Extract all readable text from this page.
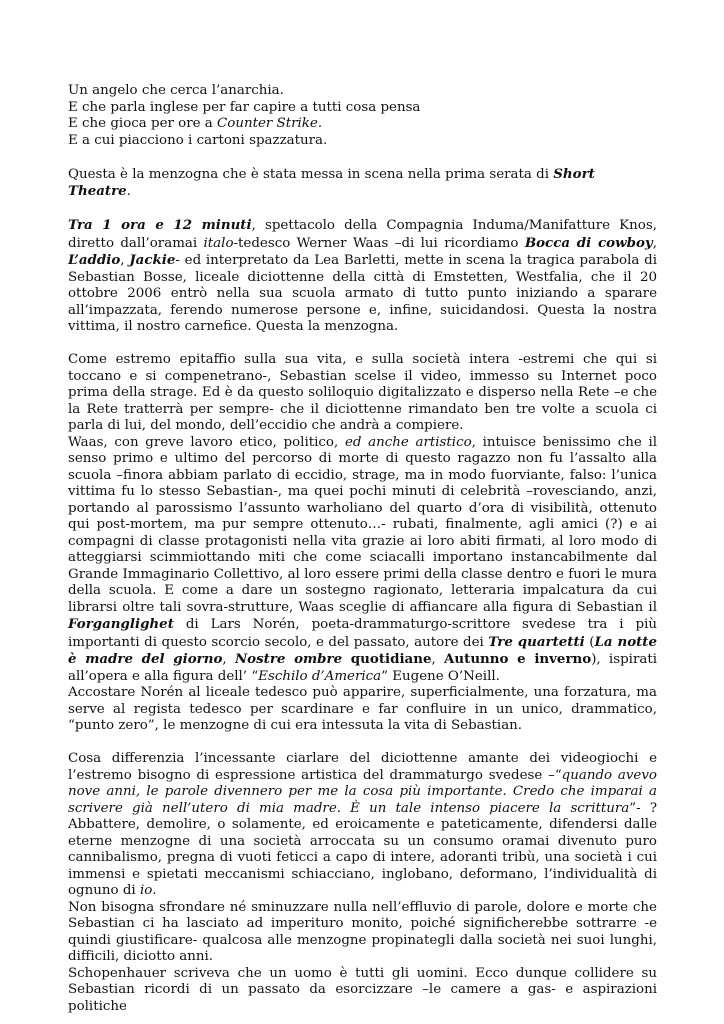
Un angelo che cerca l’anarchia.
E che parla inglese per far capire a tutti cosa pensa
E che gioca per ore a Counter Strike.
E a cui piacciono i cartoni spazzatura.

Questa è la menzogna che è stata messa in scena nella prima serata di Short Theatre.

Tra 1 ora e 12 minuti, spettacolo della Compagnia Induma/Manifatture Knos, diretto dall’oramai italo-tedesco Werner Waas –di lui ricordiamo Bocca di cowboy, L’addio, Jackie- ed interpretato da Lea Barletti, mette in scena la tragica parabola di Sebastian Bosse, liceale diciottenne della città di Emstetten, Westfalia, che il 20 ottobre 2006 entrò nella sua scuola armato di tutto punto iniziando a sparare all’impazzata, ferendo numerose persone e, infine, suicidandosi. Questa la nostra vittima, il nostro carnefice. Questa la menzogna.

Come estremo epitaffio sulla sua vita, e sulla società intera -estremi che qui si toccano e si compenetrano-, Sebastian scelse il video, immesso su Internet poco prima della strage. Ed è da questo soliloquio digitalizzato e disperso nella Rete –e che la Rete tratterrà per sempre- che il diciottenne rimandato ben tre volte a scuola ci parla di lui, del mondo, dell’eccidio che andrà a compiere.

Waas, con greve lavoro etico, politico, ed anche artistico, intuisce benissimo che il senso primo e ultimo del percorso di morte di questo ragazzo non fu l’assalto alla scuola –finora abbiam parlato di eccidio, strage, ma in modo fuorviante, falso: l’unica vittima fu lo stesso Sebastian-, ma quei pochi minuti di celebrità –rovesciando, anzi, portando al parossismo l’assunto warholiano del quarto d’ora di visibilità, ottenuto qui post-mortem, ma pur sempre ottenuto…- rubati, finalmente, agli amici (?) e ai compagni di classe protagonisti nella vita grazie ai loro abiti firmati, al loro modo di atteggiarsi scimmiottando miti che come sciacalli importano instancabilmente dal Grande Immaginario Collettivo, al loro essere primi della classe dentro e fuori le mura della scuola. E come a dare un sostegno ragionato, letteraria impalcatura da cui librarsi oltre tali sovra-strutture, Waas sceglie di affiancare alla figura di Sebastian il Forganglighet di Lars Norén, poeta-drammaturgo-scrittore svedese tra i più importanti di questo scorcio secolo, e del passato, autore dei Tre quartetti (La notte è madre del giorno, Nostre ombre quotidiane, Autunno e inverno), ispirati all’opera e alla figura dell’ “Eschilo d’America” Eugene O’Neill.

Accostare Norén al liceale tedesco può apparire, superficialmente, una forzatura, ma serve al regista tedesco per scardinare e far confluire in un unico, drammatico, “punto zero”, le menzogne di cui era intessuta la vita di Sebastian.

Cosa differenzia l’incessante ciarlare del diciottenne amante dei videogiochi e l’estremo bisogno di espressione artistica del drammaturgo svedese –“quando avevo nove anni, le parole divennero per me la cosa più importante. Credo che imparai a scrivere già nell’utero di mia madre. È un tale intenso piacere la scrittura”- ? Abbattere, demolire, o solamente, ed eroicamente e pateticamente, difendersi dalle eterne menzogne di una società arroccata su un consumo oramai divenuto puro cannibalismo, pregna di vuoti feticci a capo di intere, adoranti tribù, una società i cui immensi e spietati meccanismi schiacciano, inglobano, deformano, l’individualità di ognuno di io.

Non bisogna sfrondare né sminuzzare nulla nell’effluvio di parole, dolore e morte che Sebastian ci ha lasciato ad imperituro monito, poiché significherebbe sottrarre -e quindi giustificare- qualcosa alle menzogne propinategli dalla società nei suoi lunghi, difficili, diciotto anni.

Schopenhauer scriveva che un uomo è tutti gli uomini. Ecco dunque collidere su Sebastian ricordi di un passato da esorcizzare –le camere a gas- e aspirazioni politiche
